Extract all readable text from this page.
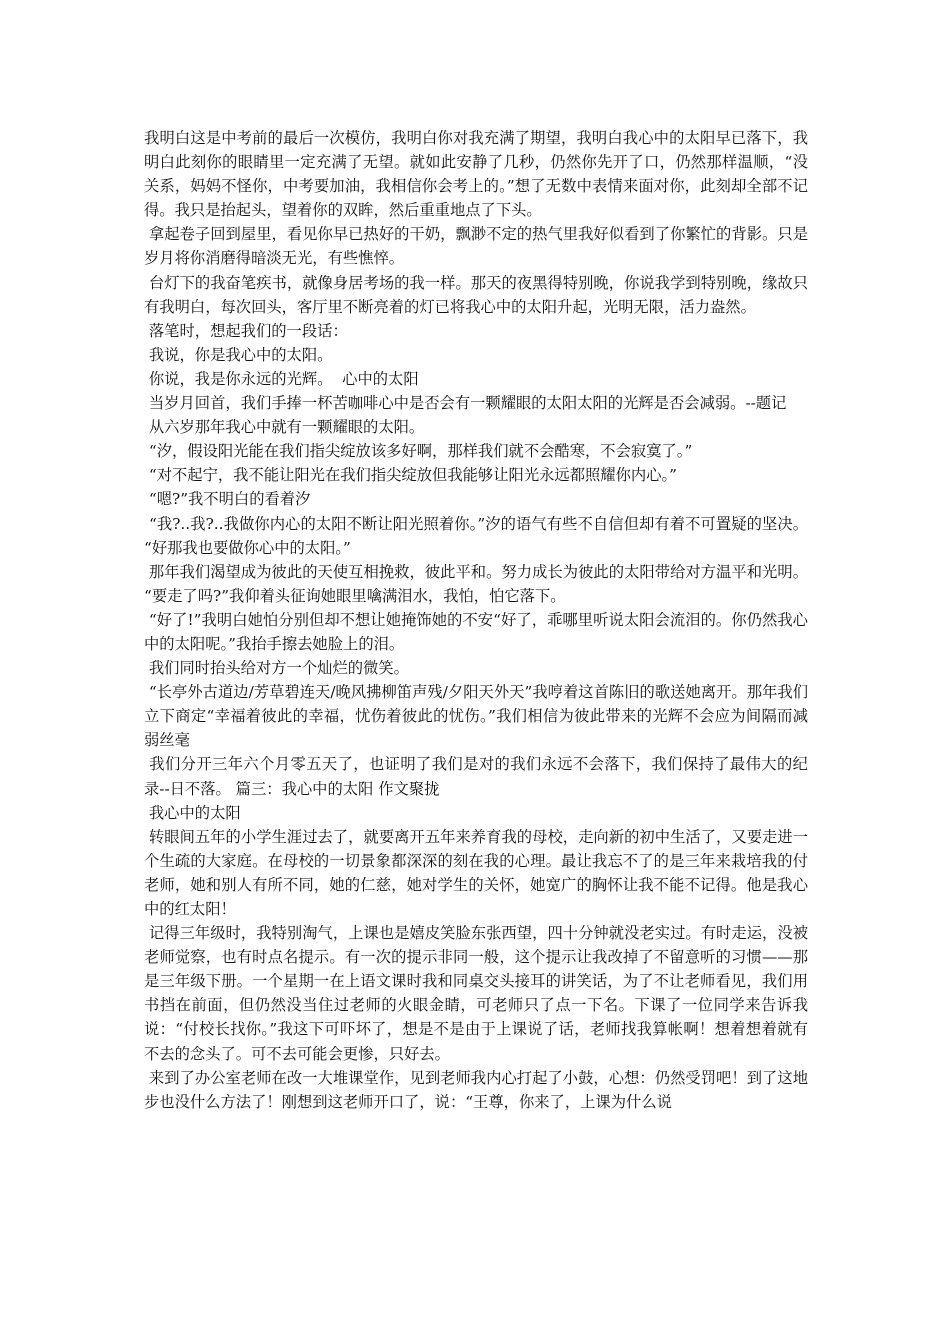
我明白这是中考前的最后一次模仿，我明白你对我充满了期望，我明白我心中的太阳早已落下，我明白此刻你的眼睛里一定充满了无望。就如此安静了几秒，仍然你先开了口，仍然那样温顺，“没关系，妈妈不怪你，中考要加油，我相信你会考上的。”想了无数中表情来面对你，此刻却全部不记得。我只是抬起头，望着你的双眸，然后重重地点了下头。

拿起卷子回到屋里，看见你早已热好的干奶，飘渺不定的热气里我好似看到了你繁忙的背影。只是岁月将你消磨得暗淡无光，有些憔悴。

台灯下的我奋笔疾书，就像身居考场的我一样。那天的夜黑得特别晚，你说我学到特别晚，缘故只有我明白，每次回头，客厅里不断亮着的灯已将我心中的太阳升起，光明无限，活力盎然。

落笔时，想起我们的一段话：

我说，你是我心中的太阳。

你说，我是你永远的光辉。  心中的太阳

当岁月回首，我们手捧一杯苦咖啡心中是否会有一颗耀眼的太阳太阳的光辉是否会减弱。--题记

从六岁那年我心中就有一颗耀眼的太阳。

“汐，假设阳光能在我们指尖绽放该多好啊，那样我们就不会酷寒，不会寂寞了。”

“对不起宁，我不能让阳光在我们指尖绽放但我能够让阳光永远都照耀你内心。”

“嗯?”我不明白的看着汐

“我?..我?..我做你内心的太阳不断让阳光照着你。”汐的语气有些不自信但却有着不可置疑的坚决。 “好那我也要做你心中的太阳。”

那年我们渴望成为彼此的天使互相挽救，彼此平和。努力成长为彼此的太阳带给对方温平和光明。 “要走了吗?”我仰着头征询她眼里噙满泪水，我怕，怕它落下。

“好了!”我明白她怕分别但却不想让她掩饰她的不安“好了，乖哪里听说太阳会流泪的。你仍然我心中的太阳呢。”我抬手擦去她脸上的泪。

我们同时抬头给对方一个灿烂的微笑。

“长亭外古道边/芳草碧连天/晚风拂柳笛声残/夕阳天外天”我哼着这首陈旧的歌送她离开。那年我们立下商定“幸福着彼此的幸福，忧伤着彼此的忧伤。”我们相信为彼此带来的光辉不会应为间隔而减弱丝毫

我们分开三年六个月零五天了，也证明了我们是对的我们永远不会落下，我们保持了最伟大的纪录--日不落。 篇三：我心中的太阳 作文聚拢

我心中的太阳

转眼间五年的小学生涯过去了，就要离开五年来养育我的母校，走向新的初中生活了，又要走进一个生疏的大家庭。在母校的一切景象都深深的刻在我的心理。最让我忘不了的是三年来栽培我的付老师，她和别人有所不同，她的仁慈，她对学生的关怀，她宽广的胸怀让我不能不记得。他是我心中的红太阳！

记得三年级时，我特别淘气，上课也是嬉皮笑脸东张西望，四十分钟就没老实过。有时走运，没被老师觉察，也有时点名提示。有一次的提示非同一般，这个提示让我改掉了不留意听的习惯——那是三年级下册。一个星期一在上语文课时我和同桌交头接耳的讲笑话，为了不让老师看见，我们用书挡在前面，但仍然没当住过老师的火眼金睛，可老师只了点一下名。下课了一位同学来告诉我说：“付校长找你。”我这下可吓坏了，想是不是由于上课说了话，老师找我算帐啊！想着想着就有不去的念头了。可不去可能会更惨，只好去。

来到了办公室老师在改一大堆课堂作，见到老师我内心打起了小鼓，心想：仍然受罚吧！到了这地步也没什么方法了！刚想到这老师开口了，说：“王尊，你来了，上课为什么说
